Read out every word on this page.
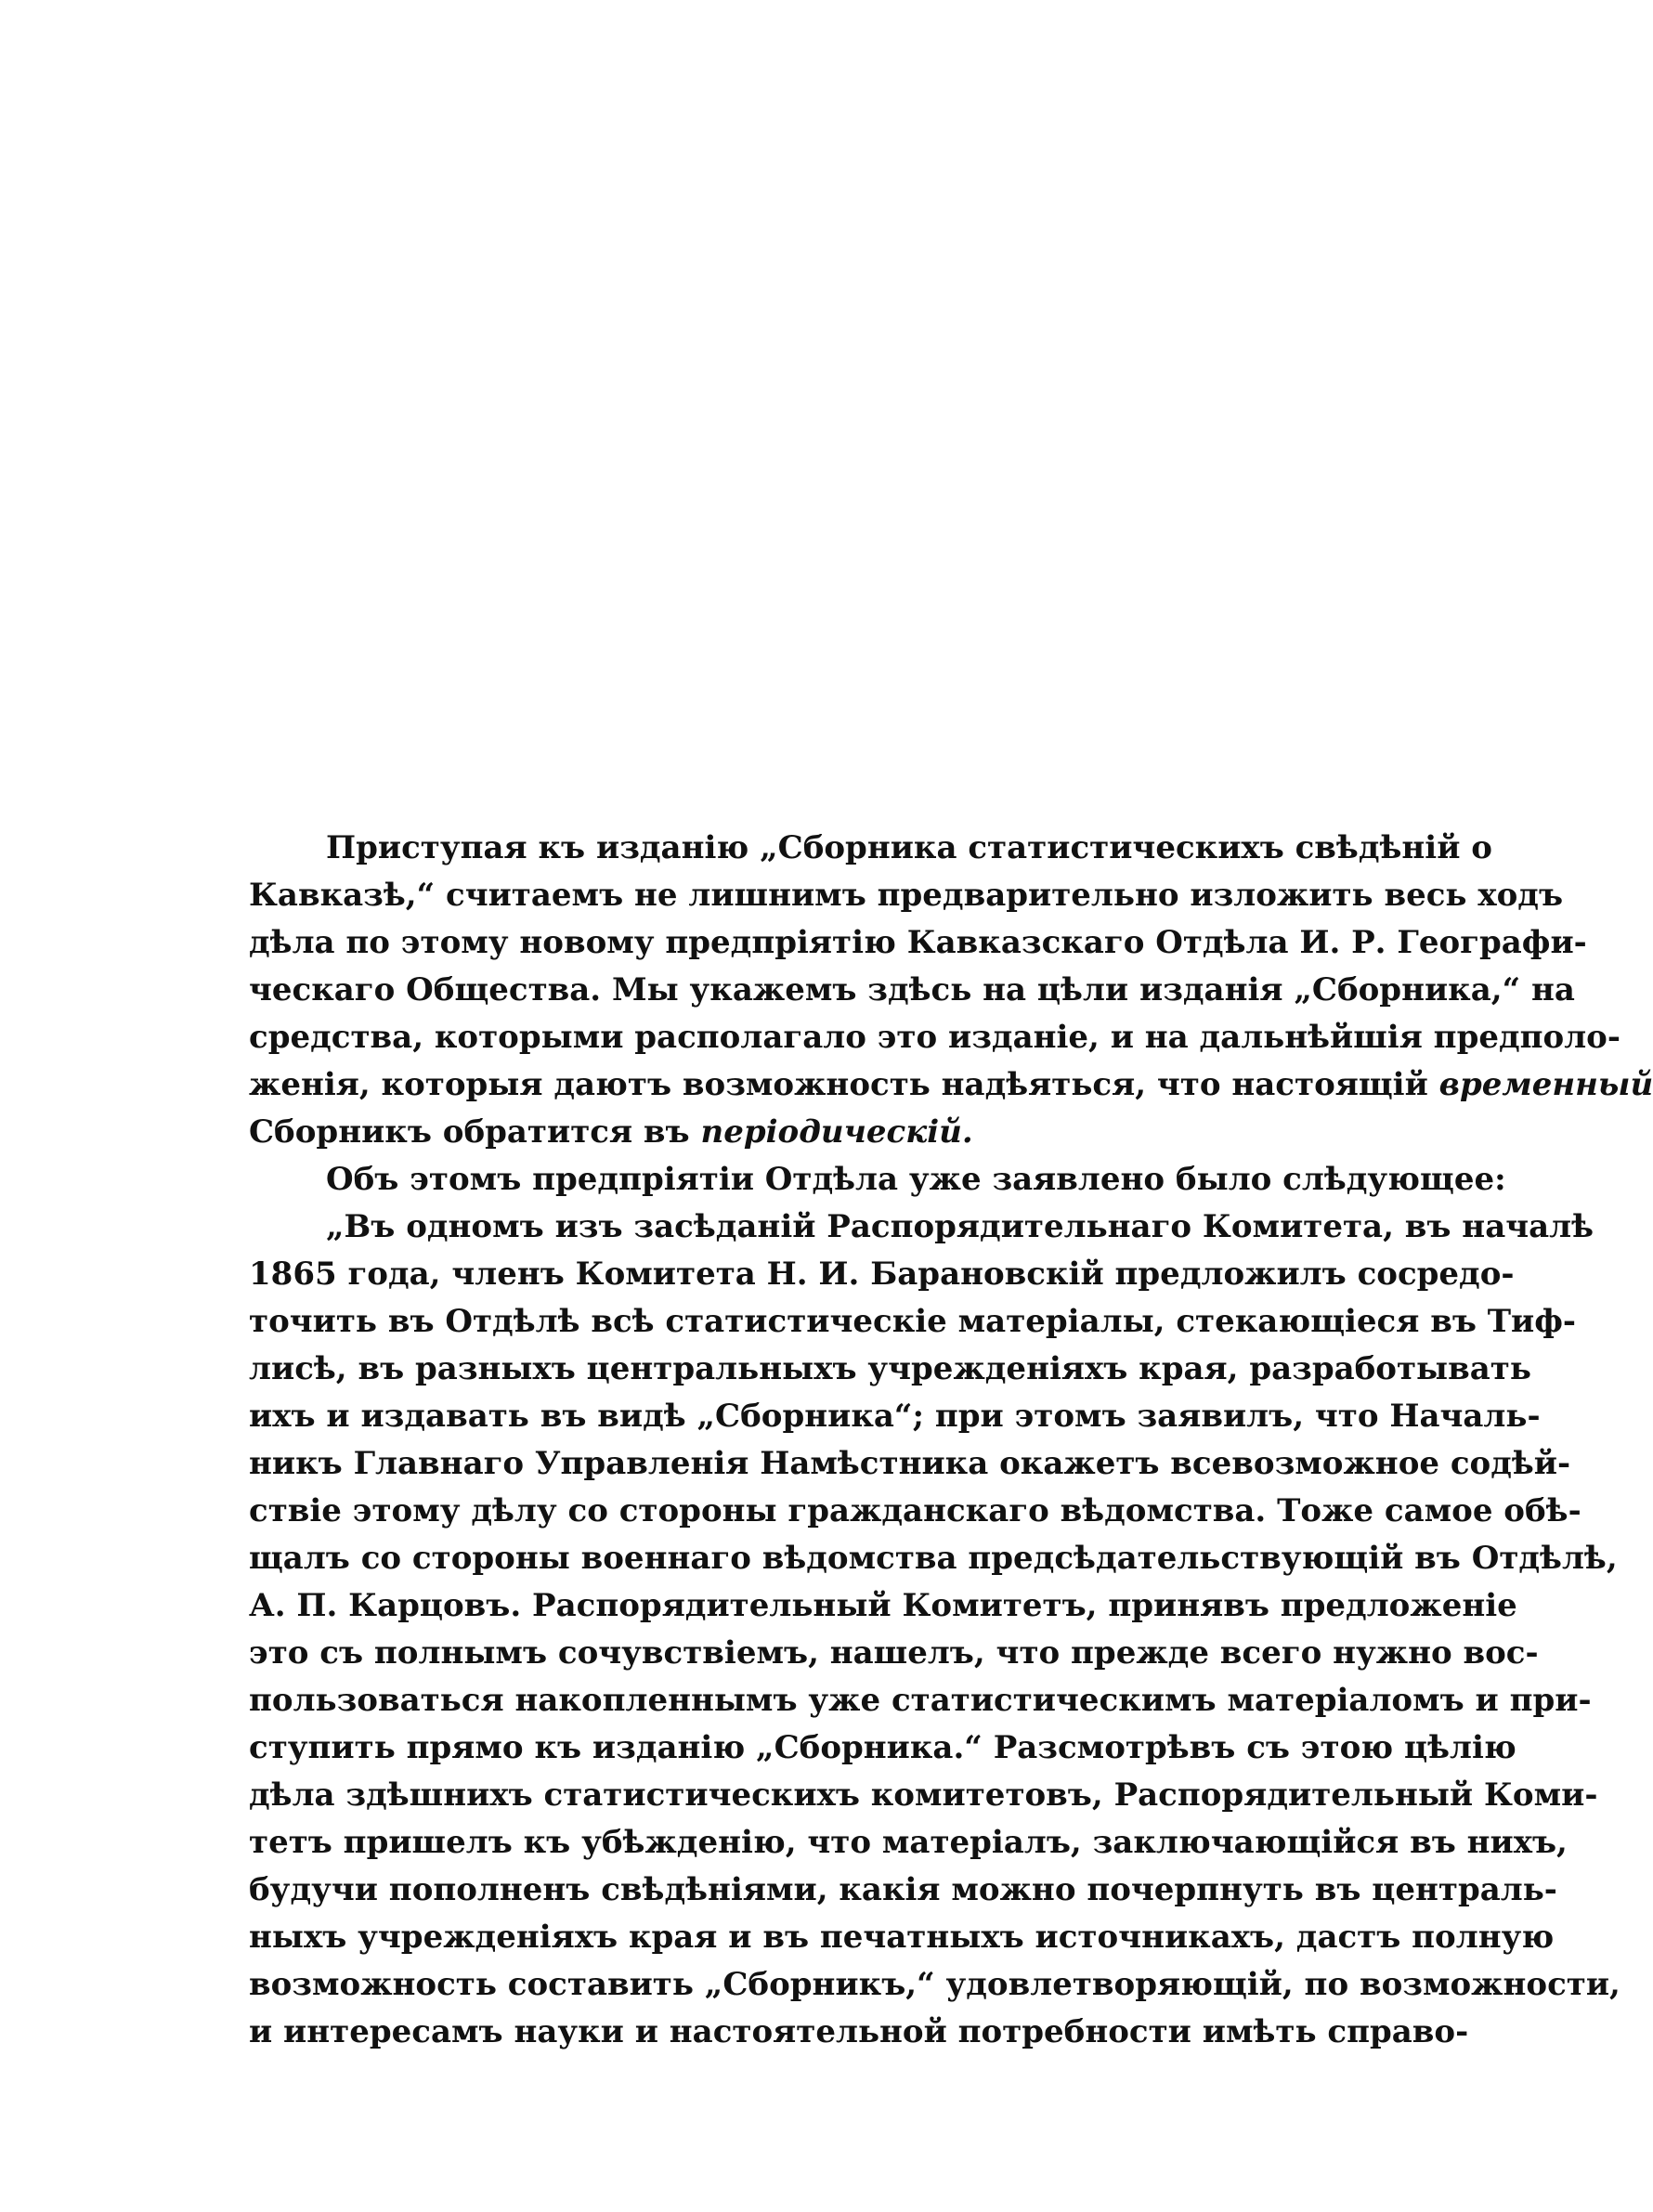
Приступая къ изданію „Сборника статистическихъ свѣдѣній о
Кавказѣ,“ считаемъ не лишнимъ предварительно изложить весь ходъ
дѣла по этому новому предпріятію Кавказскаго Отдѣла И. Р. Географи-
ческаго Общества. Мы укажемъ здѣсь на цѣли изданія „Сборника,“ на
средства, которыми располагало это изданіе, и на дальнѣйшія предполо-
женія, которыя даютъ возможность надѣяться, что настоящій временный
Сборникъ обратится въ періодическій.
Объ этомъ предпріятіи Отдѣла уже заявлено было слѣдующее:
„Въ одномъ изъ засѣданій Распорядительнаго Комитета, въ началѣ
1865 года, членъ Комитета Н. И. Барановскій предложилъ сосредо-
точить въ Отдѣлѣ всѣ статистическіе матеріалы, стекающіеся въ Тиф-
лисѣ, въ разныхъ центральныхъ учрежденіяхъ края, разработывать
ихъ и издавать въ видѣ „Сборника“; при этомъ заявилъ, что Началь-
никъ Главнаго Управленія Намѣстника окажетъ всевозможное содѣй-
ствіе этому дѣлу со стороны гражданскаго вѣдомства. Тоже самое обѣ-
щалъ со стороны военнаго вѣдомства предсѣдательствующій въ Отдѣлѣ,
А. П. Карцовъ. Распорядительный Комитетъ, принявъ предложеніе
это съ полнымъ сочувствіемъ, нашелъ, что прежде всего нужно вос-
пользоваться накопленнымъ уже статистическимъ матеріаломъ и при-
ступить прямо къ изданію „Сборника.“ Разсмотрѣвъ съ этою цѣлію
дѣла здѣшнихъ статистическихъ комитетовъ, Распорядительный Коми-
тетъ пришелъ къ убѣжденію, что матеріалъ, заключающійся въ нихъ,
будучи пополненъ свѣдѣніями, какія можно почерпнуть въ централь-
ныхъ учрежденіяхъ края и въ печатныхъ источникахъ, дастъ полную
возможность составить „Сборникъ,“ удовлетворяющій, по возможности,
и интересамъ науки и настоятельной потребности имѣть справо-
